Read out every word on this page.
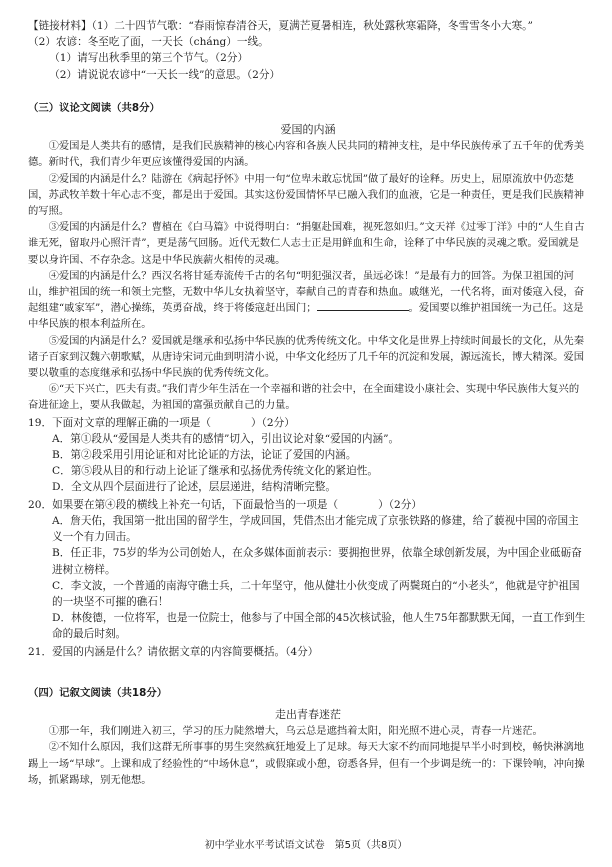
【链接材料】（1）二十四节气歌：“春雨惊春清谷天，夏满芒夏暑相连，秋处露秋寒霜降，冬雪雪冬小大寒。”

（2）农谚：冬至吃了面，一天长（cháng）一线。

（1）请写出秋季里的第三个节气。（2分）

（2）请说说农谚中“一天长一线”的意思。（2分）

（三）议论文阅读（共8分）

爱国的内涵

①爱国是人类共有的感情，是我们民族精神的核心内容和各族人民共同的精神支柱，是中华民族传承了五千年的优秀美德。新时代，我们青少年更应该懂得爱国的内涵。

②爱国的内涵是什么？陆游在《病起抒怀》中用一句“位卑未敢忘忧国”做了最好的诠释。历史上，屈原流放中仍恋楚国，苏武牧羊数十年心志不变，都是出于爱国。其实这份爱国情怀早已融入我们的血液，它是一种责任，更是我们民族精神的写照。

③爱国的内涵是什么？曹植在《白马篇》中说得明白：“捐躯赴国难，视死忽如归。”文天祥《过零丁洋》中的“人生自古谁无死，留取丹心照汗青”，更是荡气回肠。近代无数仁人志士正是用鲜血和生命，诠释了中华民族的灵魂之歌。爱国就是要以身许国、不存杂念。这是中华民族薪火相传的灵魂。

④爱国的内涵是什么？西汉名将甘延寿流传千古的名句“明犯强汉者，虽远必诛！”是最有力的回答。为保卫祖国的河山，维护祖国的统一和领土完整，无数中华儿女执着坚守，奉献自己的青春和热血。戚继光，一代名将，面对倭寇入侵，奋起组建“戚家军”，潜心操练，英勇奋战，终于将倭寇赶出国门；	。爱国要以维护祖国统一为己任。这是中华民族的根本利益所在。

⑤爱国的内涵是什么？爱国就是继承和弘扬中华民族的优秀传统文化。中华文化是世界上持续时间最长的文化，从先秦诸子百家到汉魏六朝歌赋，从唐诗宋词元曲到明清小说，中华文化经历了几千年的沉淀和发展，源远流长，博大精深。爱国要以敬重的态度继承和弘扬中华民族的优秀传统文化。

⑥“天下兴亡，匹夫有责。”我们青少年生活在一个幸福和谐的社会中，在全面建设小康社会、实现中华民族伟大复兴的奋进征途上，要从我做起，为祖国的富强贡献自己的力量。

19．下面对文章的理解正确的一项是（	）（2分）

A．第①段从“爱国是人类共有的感情”切入，引出议论对象“爱国的内涵”。

B．第②段采用引用论证和对比论证的方法，论证了爱国的内涵。

C．第⑤段从目的和行动上论证了继承和弘扬优秀传统文化的紧迫性。

D．全文从四个层面进行了论述，层层递进，结构清晰完整。

20．如果要在第④段的横线上补充一句话，下面最恰当的一项是（	）（2分）

A．詹天佑，我国第一批出国的留学生，学成回国，凭借杰出才能完成了京张铁路的修建，给了藐视中国的帝国主义一个有力回击。

B．任正非，75岁的华为公司创始人，在众多媒体面前表示：要拥抱世界，依靠全球创新发展，为中国企业砥砺奋进树立榜样。

C．李文波，一个普通的南海守礁士兵，二十年坚守，他从健壮小伙变成了两鬓斑白的“小老头”，他就是守护祖国的一块坚不可摧的礁石！

D．林俊德，一位将军，也是一位院士，他参与了中国全部的45次核试验，他人生75年都默默无闻，一直工作到生命的最后时刻。

21．爱国的内涵是什么？请依据文章的内容简要概括。（4分）

（四）记叙文阅读（共18分）

走出青春迷茫

①那一年，我们刚进入初三，学习的压力陡然增大，乌云总是遮挡着太阳，阳光照不进心灵，青春一片迷茫。

②不知什么原因，我们这群无所事事的男生突然疯狂地爱上了足球。每天大家不约而同地提早半小时到校，畅快淋漓地踢上一场“早球”。上课和成了经验性的“中场休息”，或假寐或小憩，窃悉各异，但有一个步调是统一的：下课铃响，冲向操场，抓紧踢球，别无他想。

初中学业水平考试语文试卷　第5页（共8页）
